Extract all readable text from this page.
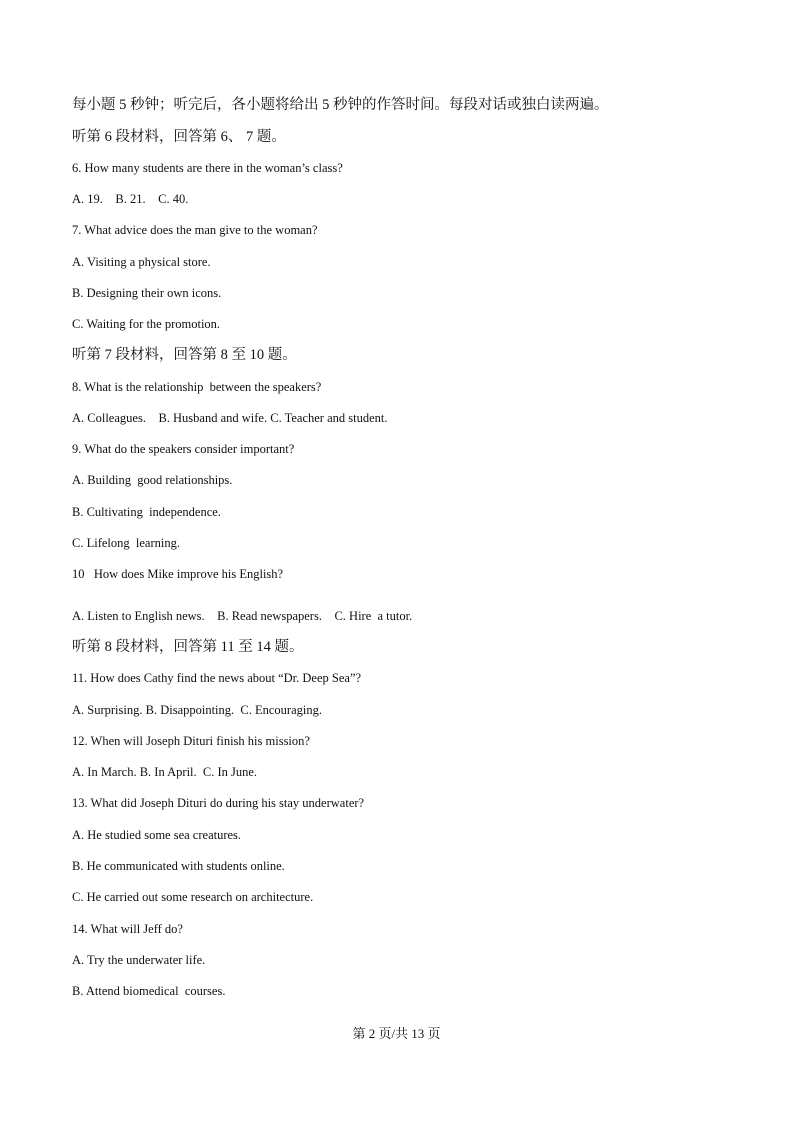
每小题 5 秒钟；听完后，各小题将给出 5 秒钟的作答时间。每段对话或独白读两遍。
听第 6 段材料，回答第 6、 7 题。
6. How many students are there in the woman’s class?
A. 19.    B. 21.    C. 40.
7. What advice does the man give to the woman?
A. Visiting a physical store.
B. Designing their own icons.
C. Waiting for the promotion.
听第 7 段材料，回答第 8 至 10 题。
8. What is the relationship  between the speakers?
A. Colleagues.    B. Husband and wife. C. Teacher and student.
9. What do the speakers consider important?
A. Building  good relationships.
B. Cultivating  independence.
C. Lifelong  learning.
10   How does Mike improve his English?
A. Listen to English news.    B. Read newspapers.    C. Hire  a tutor.
听第 8 段材料，回答第 11 至 14 题。
11. How does Cathy find the news about “Dr. Deep Sea”?
A. Surprising. B. Disappointing.  C. Encouraging.
12. When will Joseph Dituri finish his mission?
A. In March. B. In April.  C. In June.
13. What did Joseph Dituri do during his stay underwater?
A. He studied some sea creatures.
B. He communicated with students online.
C. He carried out some research on architecture.
14. What will Jeff do?
A. Try the underwater life.
B. Attend biomedical  courses.
第 2 页/共 13 页
